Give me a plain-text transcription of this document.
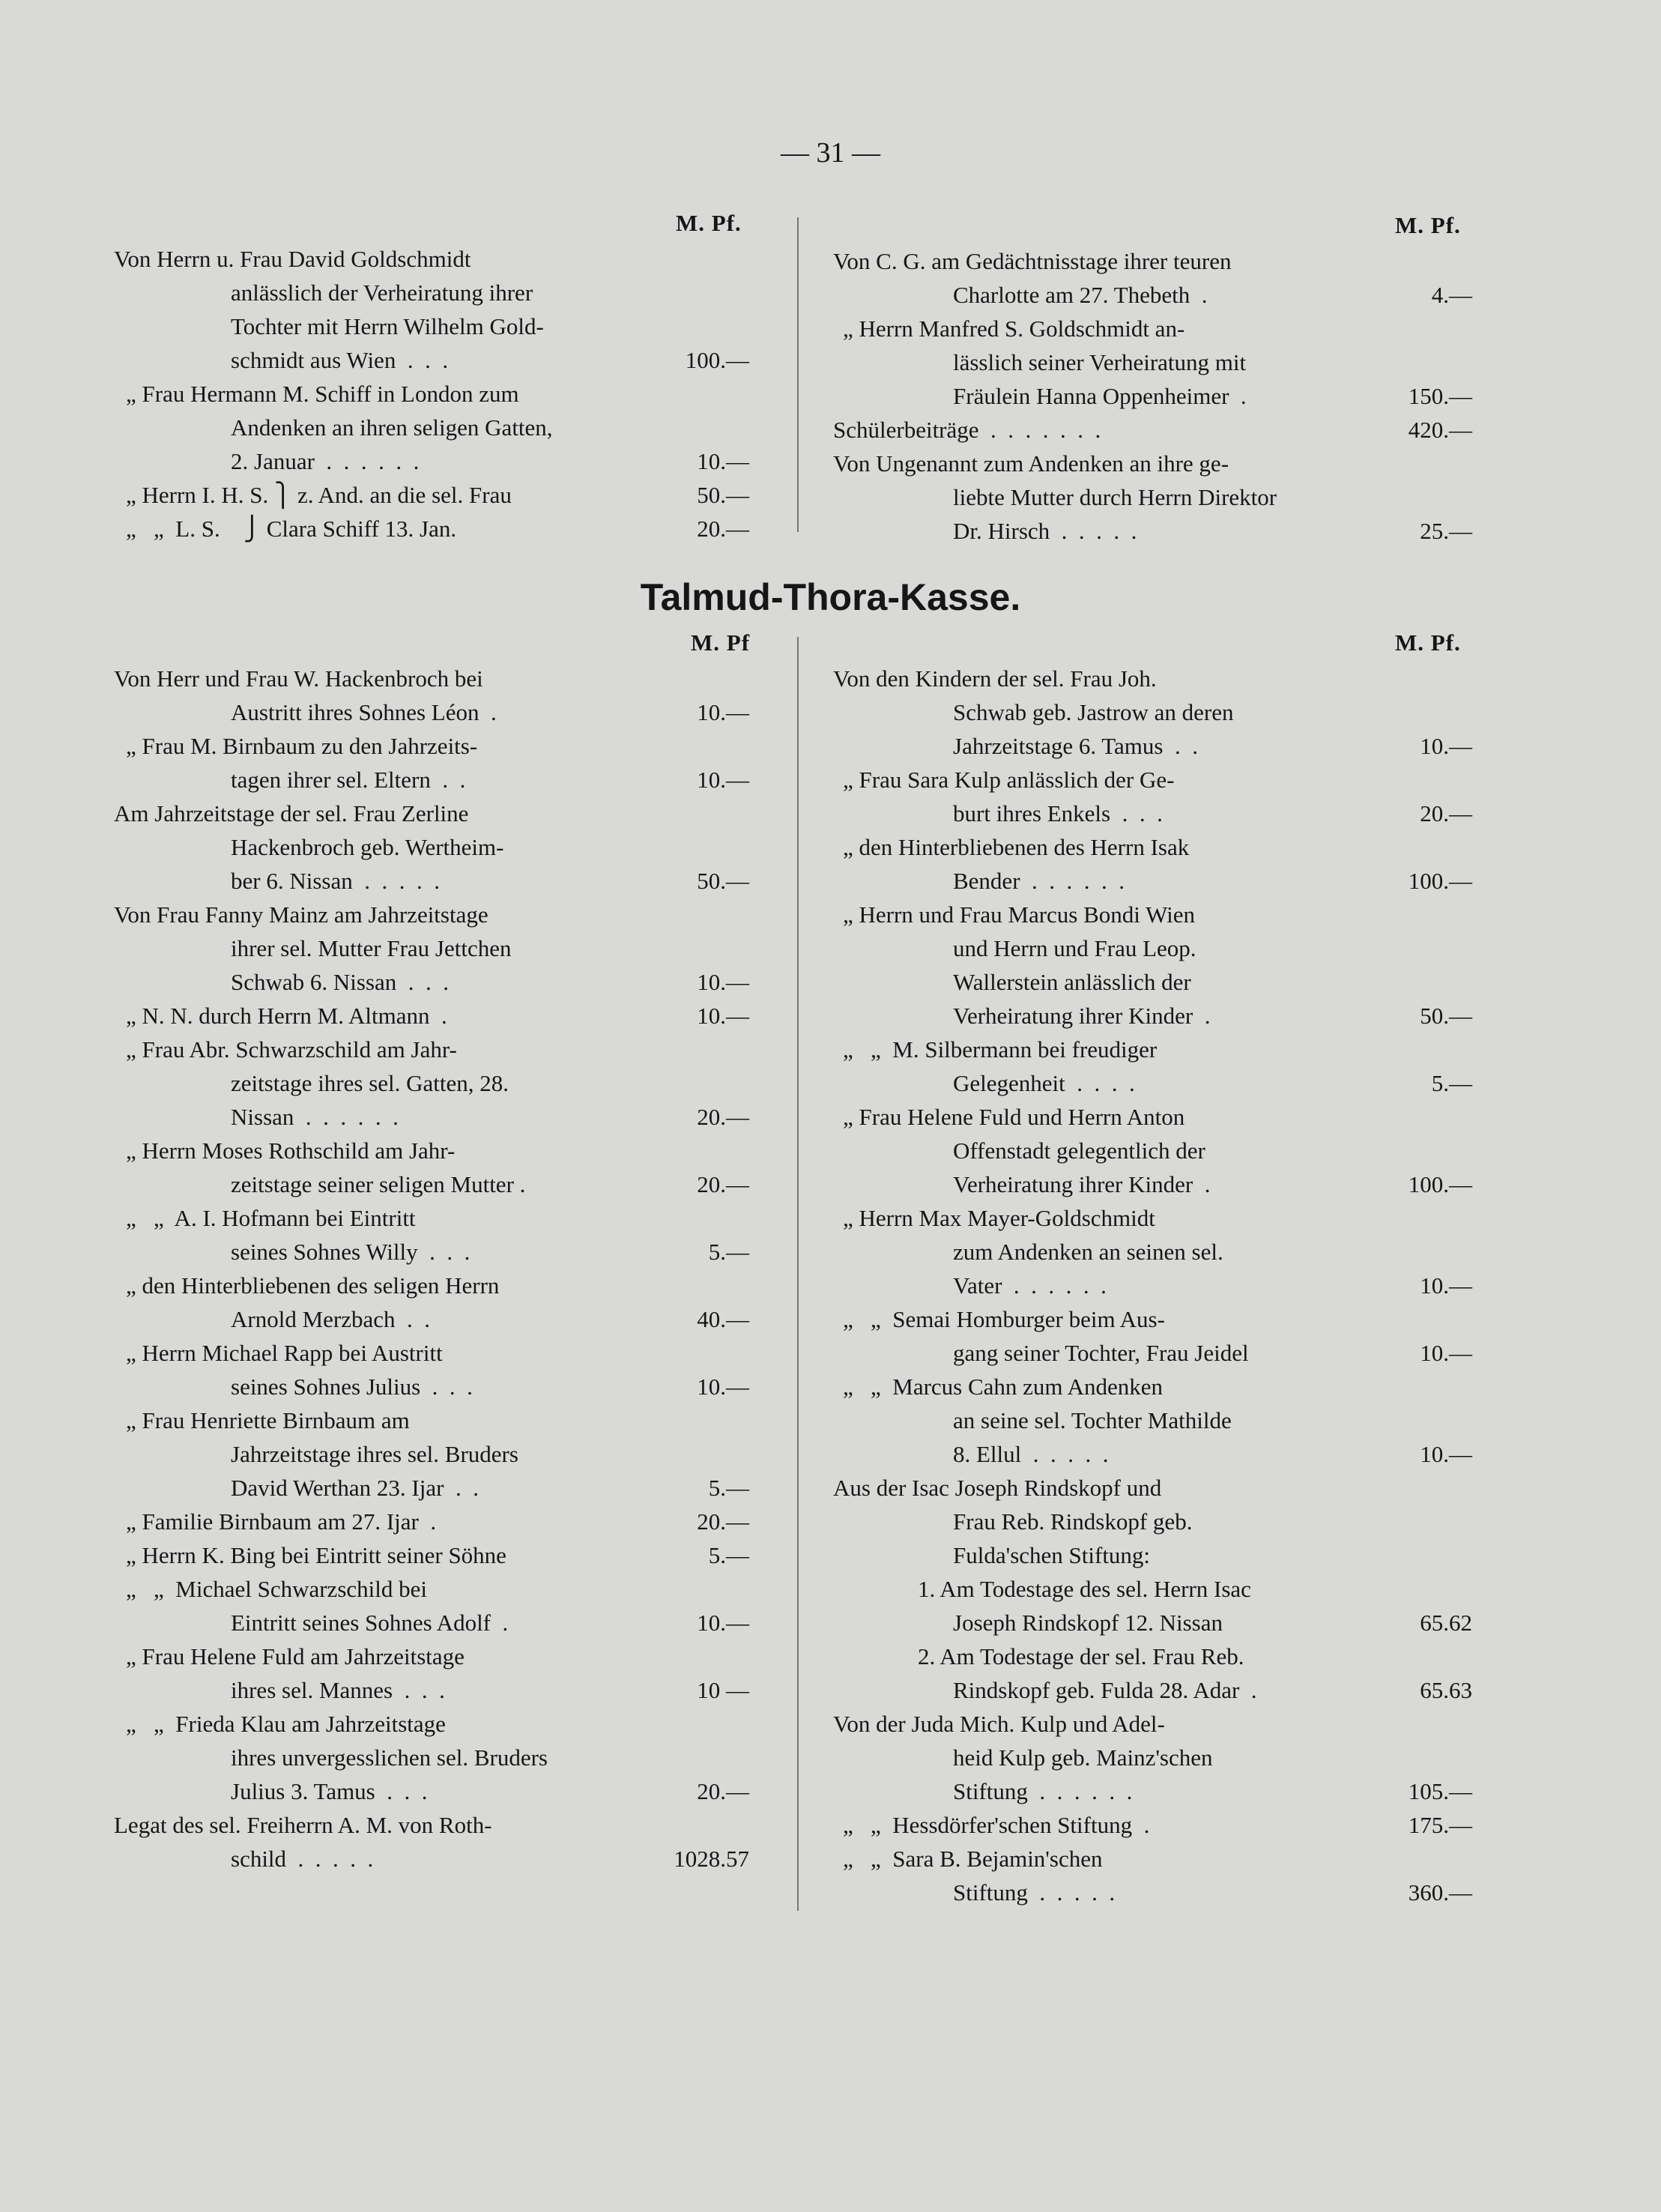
— 31 —
M. Pf.	M. Pf.
Von Herrn u. Frau David Goldschmidt
anlässlich der Verheiratung ihrer
Tochter mit Herrn Wilhelm Gold-
schmidt aus Wien  .  .  .	100.—
„ Frau Hermann M. Schiff in London zum
Andenken an ihren seligen Gatten,
2. Januar  .  .  .  .  .  .	10.—
„ Herrn I. H. S. ⎫ z. And. an die sel. Frau	50.—
„   „  L. S.    ⎭ Clara Schiff 13. Jan.	20.—
Von C. G. am Gedächtnisstage ihrer teuren
Charlotte am 27. Thebeth  .	4.—
„ Herrn Manfred S. Goldschmidt an-
lässlich seiner Verheiratung mit
Fräulein Hanna Oppenheimer  .	150.—
Schülerbeiträge  .  .  .  .  .  .  .	420.—
Von Ungenannt zum Andenken an ihre ge-
liebte Mutter durch Herrn Direktor
Dr. Hirsch  .  .  .  .  .	25.—
Talmud-Thora-Kasse.
M. Pf	M. Pf.
Von Herr und Frau W. Hackenbroch bei
Austritt ihres Sohnes Léon  .	10.—
„ Frau M. Birnbaum zu den Jahrzeits-
tagen ihrer sel. Eltern  .  .	10.—
Am Jahrzeitstage der sel. Frau Zerline
Hackenbroch geb. Wertheim-
ber 6. Nissan  .  .  .  .  .	50.—
Von Frau Fanny Mainz am Jahrzeitstage
ihrer sel. Mutter Frau Jettchen
Schwab 6. Nissan  .  .  .	10.—
„ N. N. durch Herrn M. Altmann  .	10.—
„ Frau Abr. Schwarzschild am Jahr-
zeitstage ihres sel. Gatten, 28.
Nissan  .  .  .  .  .  .	20.—
„ Herrn Moses Rothschild am Jahr-
zeitstage seiner seligen Mutter .	20.—
„   „  A. I. Hofmann bei Eintritt
seines Sohnes Willy  .  .  .	5.—
„ den Hinterbliebenen des seligen Herrn
Arnold Merzbach  .  .	40.—
„ Herrn Michael Rapp bei Austritt
seines Sohnes Julius  .  .  .	10.—
„ Frau Henriette Birnbaum am
Jahrzeitstage ihres sel. Bruders
David Werthan 23. Ijar  .  .	5.—
„ Familie Birnbaum am 27. Ijar  .	20.—
„ Herrn K. Bing bei Eintritt seiner Söhne	5.—
„   „  Michael Schwarzschild bei
Eintritt seines Sohnes Adolf  .	10.—
„ Frau Helene Fuld am Jahrzeitstage
ihres sel. Mannes  .  .  .	10 —
„   „  Frieda Klau am Jahrzeitstage
ihres unvergesslichen sel. Bruders
Julius 3. Tamus  .  .  .	20.—
Legat des sel. Freiherrn A. M. von Roth-
schild  .  .  .  .  .	1028.57
Von den Kindern der sel. Frau Joh.
Schwab geb. Jastrow an deren
Jahrzeitstage 6. Tamus  .  .	10.—
„ Frau Sara Kulp anlässlich der Ge-
burt ihres Enkels  .  .  .	20.—
„ den Hinterbliebenen des Herrn Isak
Bender  .  .  .  .  .  .	100.—
„ Herrn und Frau Marcus Bondi Wien
und Herrn und Frau Leop.
Wallerstein anlässlich der
Verheiratung ihrer Kinder  .	50.—
„   „  M. Silbermann bei freudiger
Gelegenheit  .  .  .  .	5.—
„ Frau Helene Fuld und Herrn Anton
Offenstadt gelegentlich der
Verheiratung ihrer Kinder  .	100.—
„ Herrn Max Mayer-Goldschmidt
zum Andenken an seinen sel.
Vater  .  .  .  .  .  .	10.—
„   „  Semai Homburger beim Aus-
gang seiner Tochter, Frau Jeidel	10.—
„   „  Marcus Cahn zum Andenken
an seine sel. Tochter Mathilde
8. Ellul  .  .  .  .  .	10.—
Aus der Isac Joseph Rindskopf und
Frau Reb. Rindskopf geb.
Fulda'schen Stiftung:
1. Am Todestage des sel. Herrn Isac
Joseph Rindskopf 12. Nissan	65.62
2. Am Todestage der sel. Frau Reb.
Rindskopf geb. Fulda 28. Adar  .	65.63
Von der Juda Mich. Kulp und Adel-
heid Kulp geb. Mainz'schen
Stiftung  .  .  .  .  .  .	105.—
„   „  Hessdörfer'schen Stiftung  .	175.—
„   „  Sara B. Bejamin'schen
Stiftung  .  .  .  .  .	360.—
